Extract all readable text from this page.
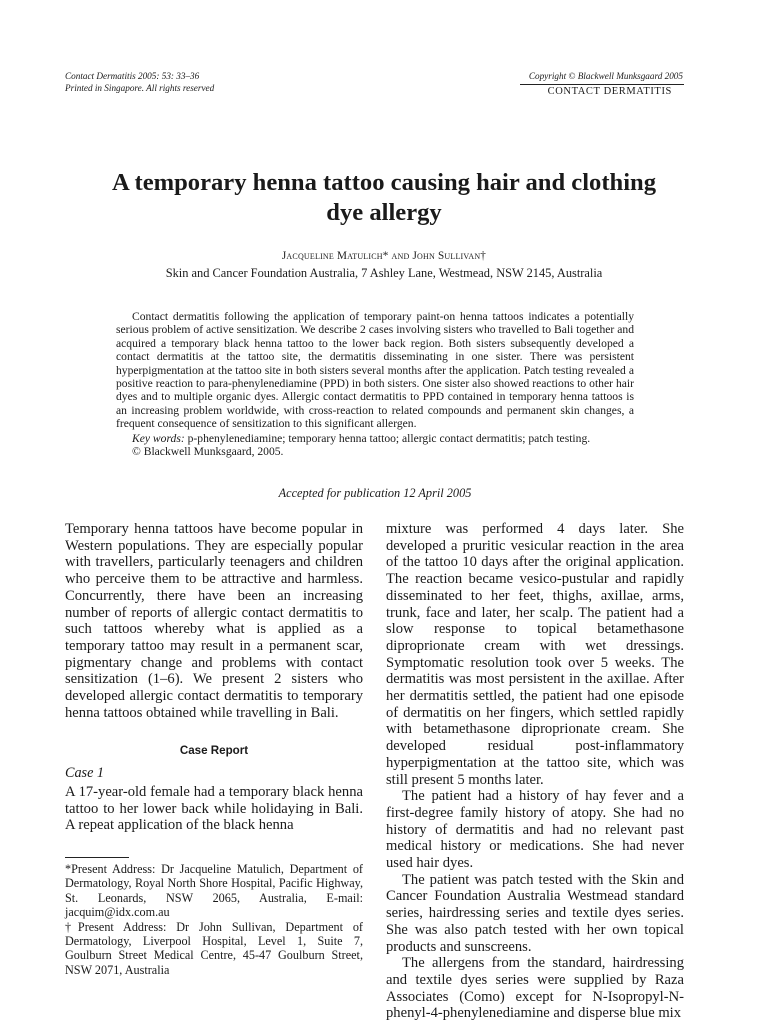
Contact Dermatitis 2005: 53: 33–36
Printed in Singapore. All rights reserved
Copyright © Blackwell Munksgaard 2005
CONTACT DERMATITIS
A temporary henna tattoo causing hair and clothing
dye allergy
Jacqueline Matulich* and John Sullivan†
Skin and Cancer Foundation Australia, 7 Ashley Lane, Westmead, NSW 2145, Australia
Contact dermatitis following the application of temporary paint-on henna tattoos indicates a potentially serious problem of active sensitization. We describe 2 cases involving sisters who travelled to Bali together and acquired a temporary black henna tattoo to the lower back region. Both sisters subsequently developed a contact dermatitis at the tattoo site, the dermatitis disseminating in one sister. There was persistent hyperpigmentation at the tattoo site in both sisters several months after the application. Patch testing revealed a positive reaction to para-phenylenediamine (PPD) in both sisters. One sister also showed reactions to other hair dyes and to multiple organic dyes. Allergic contact dermatitis to PPD contained in temporary henna tattoos is an increasing problem worldwide, with cross-reaction to related compounds and permanent skin changes, a frequent consequence of sensitization to this significant allergen.
Key words: p-phenylenediamine; temporary henna tattoo; allergic contact dermatitis; patch testing.
© Blackwell Munksgaard, 2005.
Accepted for publication 12 April 2005

Temporary henna tattoos have become popular in Western populations. They are especially popular with travellers, particularly teenagers and children who perceive them to be attractive and harmless. Concurrently, there have been an increasing number of reports of allergic contact dermatitis to such tattoos whereby what is applied as a temporary tattoo may result in a permanent scar, pigmentary change and problems with contact sensitization (1–6). We present 2 sisters who developed allergic contact dermatitis to temporary henna tattoos obtained while travelling in Bali.

Case Report
Case 1

A 17-year-old female had a temporary black henna tattoo to her lower back while holidaying in Bali. A repeat application of the black henna

*Present Address: Dr Jacqueline Matulich, Department of Dermatology, Royal North Shore Hospital, Pacific Highway, St. Leonards, NSW 2065, Australia, E-mail: jacquim@idx.com.au

†Present Address: Dr John Sullivan, Department of Dermatology, Liverpool Hospital, Level 1, Suite 7, Goulburn Street Medical Centre, 45-47 Goulburn Street, NSW 2071, Australia

mixture was performed 4 days later. She developed a pruritic vesicular reaction in the area of the tattoo 10 days after the original application. The reaction became vesico-pustular and rapidly disseminated to her feet, thighs, axillae, arms, trunk, face and later, her scalp. The patient had a slow response to topical betamethasone diproprionate cream with wet dressings. Symptomatic resolution took over 5 weeks. The dermatitis was most persistent in the axillae. After her dermatitis settled, the patient had one episode of dermatitis on her fingers, which settled rapidly with betamethasone diproprionate cream. She developed residual post-inflammatory hyperpigmentation at the tattoo site, which was still present 5 months later.

The patient had a history of hay fever and a first-degree family history of atopy. She had no history of dermatitis and had no relevant past medical history or medications. She had never used hair dyes.

The patient was patch tested with the Skin and Cancer Foundation Australia Westmead standard series, hairdressing series and textile dyes series. She was also patch tested with her own topical products and sunscreens.

The allergens from the standard, hairdressing and textile dyes series were supplied by Raza Associates (Como) except for N-Isopropyl-N-phenyl-4-phenylenediamine and disperse blue mix
